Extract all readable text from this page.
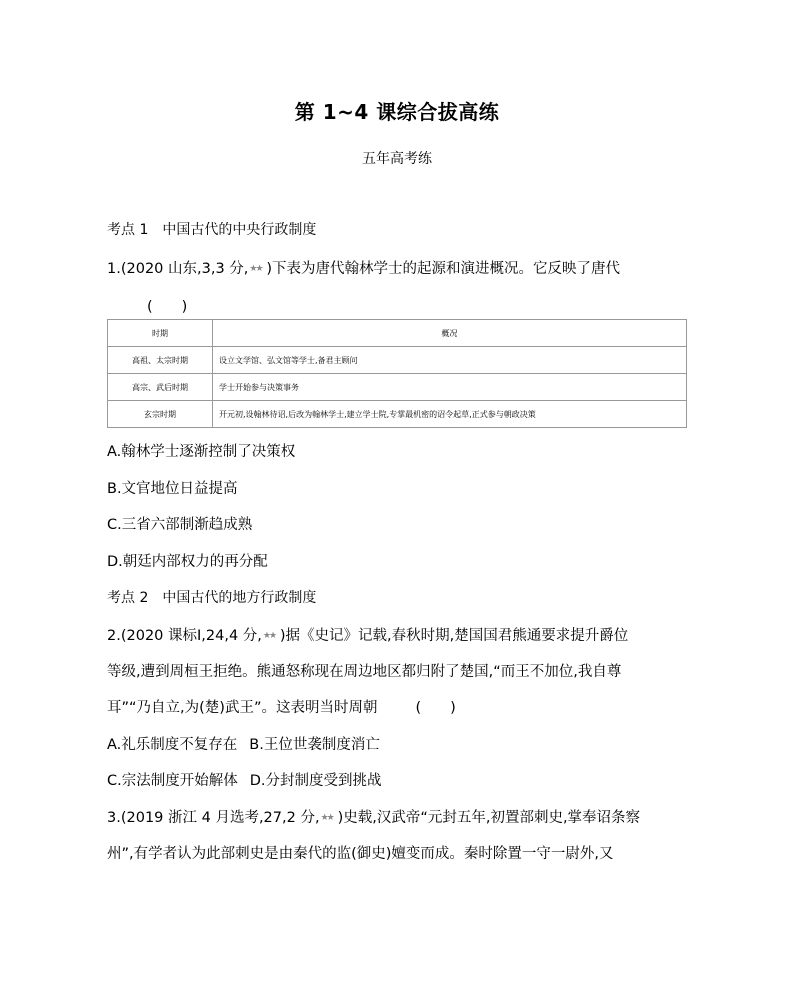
第 1~4 课综合拔高练
五年高考练
考点 1 中国古代的中央行政制度
1.(2020 山东,3,3 分,★★ )下表为唐代翰林学士的起源和演进概况。它反映了唐代
(　　)
时期	概况
高祖、太宗时期	设立文学馆、弘文馆等学士,备君主顾问
高宗、武后时期	学士开始参与决策事务
玄宗时期	开元初,设翰林待诏,后改为翰林学士,建立学士院,专掌最机密的诏令起草,正式参与朝政决策
A.翰林学士逐渐控制了决策权
B.文官地位日益提高
C.三省六部制渐趋成熟
D.朝廷内部权力的再分配
考点 2 中国古代的地方行政制度
2.(2020 课标Ⅰ,24,4 分,★★ )据《史记》记载,春秋时期,楚国国君熊通要求提升爵位
等级,遭到周桓王拒绝。熊通怒称现在周边地区都归附了楚国,“而王不加位,我自尊
耳”“乃自立,为(楚)武王”。这表明当时周朝	(　　)
A.礼乐制度不复存在 B.王位世袭制度消亡
C.宗法制度开始解体 D.分封制度受到挑战
3.(2019 浙江 4 月选考,27,2 分,★★ )史载,汉武帝“元封五年,初置部刺史,掌奉诏条察
州”,有学者认为此部刺史是由秦代的监(御史)嬗变而成。秦时除置一守一尉外,又
